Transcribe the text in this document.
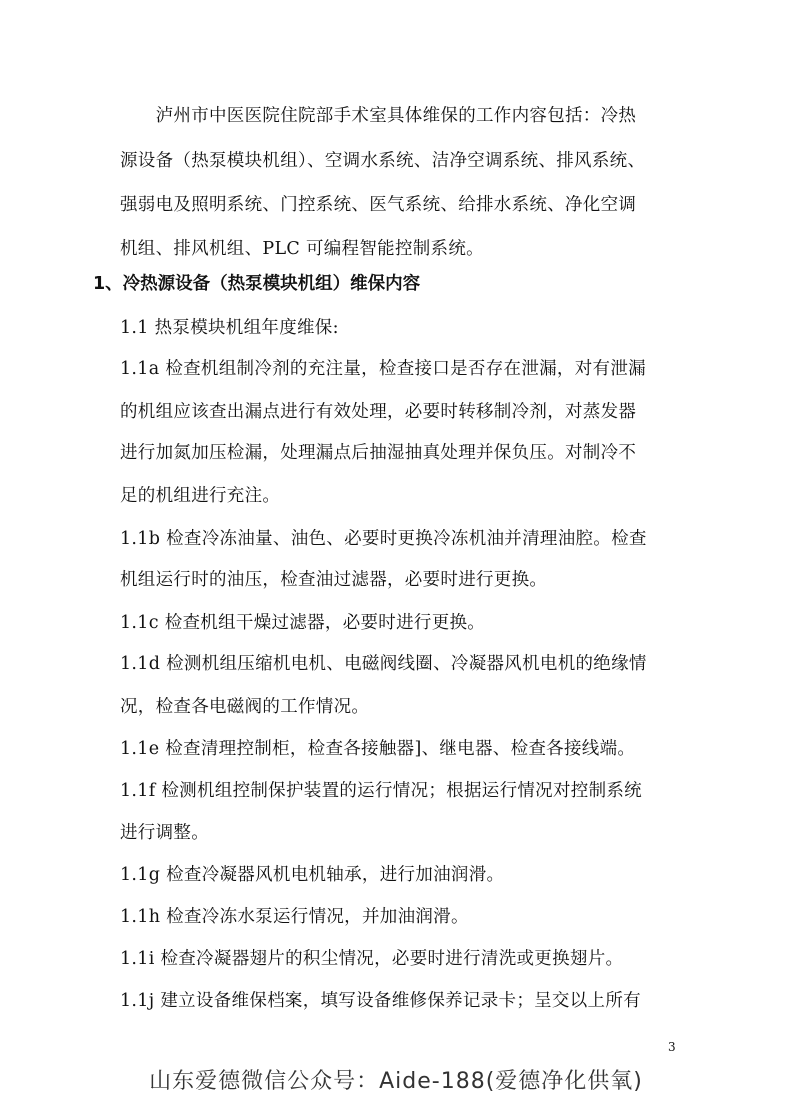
　　泸州市中医医院住院部手术室具体维保的工作内容包括：冷热
源设备（热泵模块机组）、空调水系统、洁净空调系统、排风系统、
强弱电及照明系统、门控系统、医气系统、给排水系统、净化空调
机组、排风机组、PLC 可编程智能控制系统。
1、冷热源设备（热泵模块机组）维保内容
1.1 热泵模块机组年度维保:
1.1a 检查机组制冷剂的充注量，检查接口是否存在泄漏，对有泄漏
的机组应该查出漏点进行有效处理，必要时转移制冷剂，对蒸发器
进行加氮加压检漏，处理漏点后抽湿抽真处理并保负压。对制冷不
足的机组进行充注。
1.1b 检查冷冻油量、油色、必要时更换冷冻机油并清理油腔。检查
机组运行时的油压，检查油过滤器，必要时进行更换。
1.1c 检查机组干燥过滤器，必要时进行更换。
1.1d 检测机组压缩机电机、电磁阀线圈、冷凝器风机电机的绝缘情
况，检查各电磁阀的工作情况。
1.1e 检查清理控制柜，检查各接触器]、继电器、检查各接线端。
1.1f 检测机组控制保护装置的运行情况；根据运行情况对控制系统
进行调整。
1.1g 检查冷凝器风机电机轴承，进行加油润滑。
1.1h 检查冷冻水泵运行情况，并加油润滑。
1.1i 检查冷凝器翅片的积尘情况，必要时进行清洗或更换翅片。
1.1j 建立设备维保档案，填写设备维修保养记录卡；呈交以上所有
3
山东爱德微信公众号：Aide-188(爱德净化供氧)
